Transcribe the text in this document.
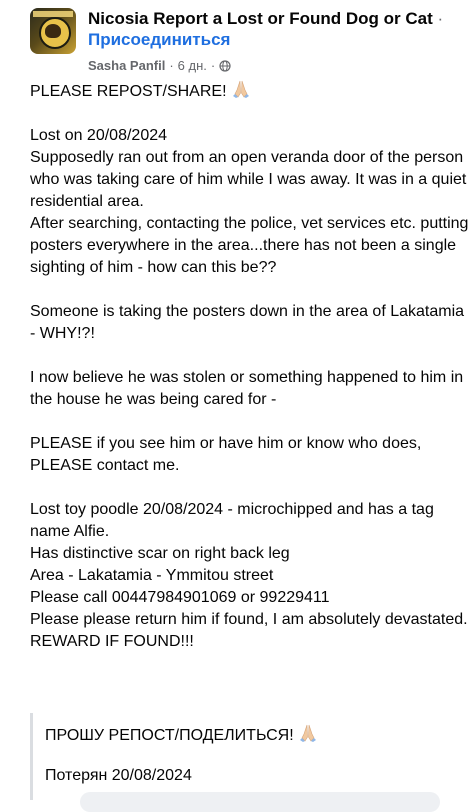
Nicosia Report a Lost or Found Dog or Cat · Присоединиться
Sasha Panfil · 6 дн. ·

PLEASE REPOST/SHARE!

Lost on 20/08/2024

Supposedly ran out from an open veranda door of the person who was taking care of him while I was away. It was in a quiet residential area.

After searching, contacting the police, vet services etc. putting posters everywhere in the area...there has not been a single sighting of him - how can this be??

Someone is taking the posters down in the area of Lakatamia - WHY!?!

I now believe he was stolen or something happened to him in the house he was being cared for -

PLEASE if you see him or have him or know who does, PLEASE contact me.

Lost toy poodle 20/08/2024 - microchipped and has a tag name Alfie.

Has distinctive scar on right back leg

Area - Lakatamia - Ymmitou street

Please call 00447984901069 or 99229411

Please please return him if found, I am absolutely devastated.

REWARD IF FOUND!!!

ПРОШУ РЕПОСТ/ПОДЕЛИТЬСЯ!
Потерян 20/08/2024
